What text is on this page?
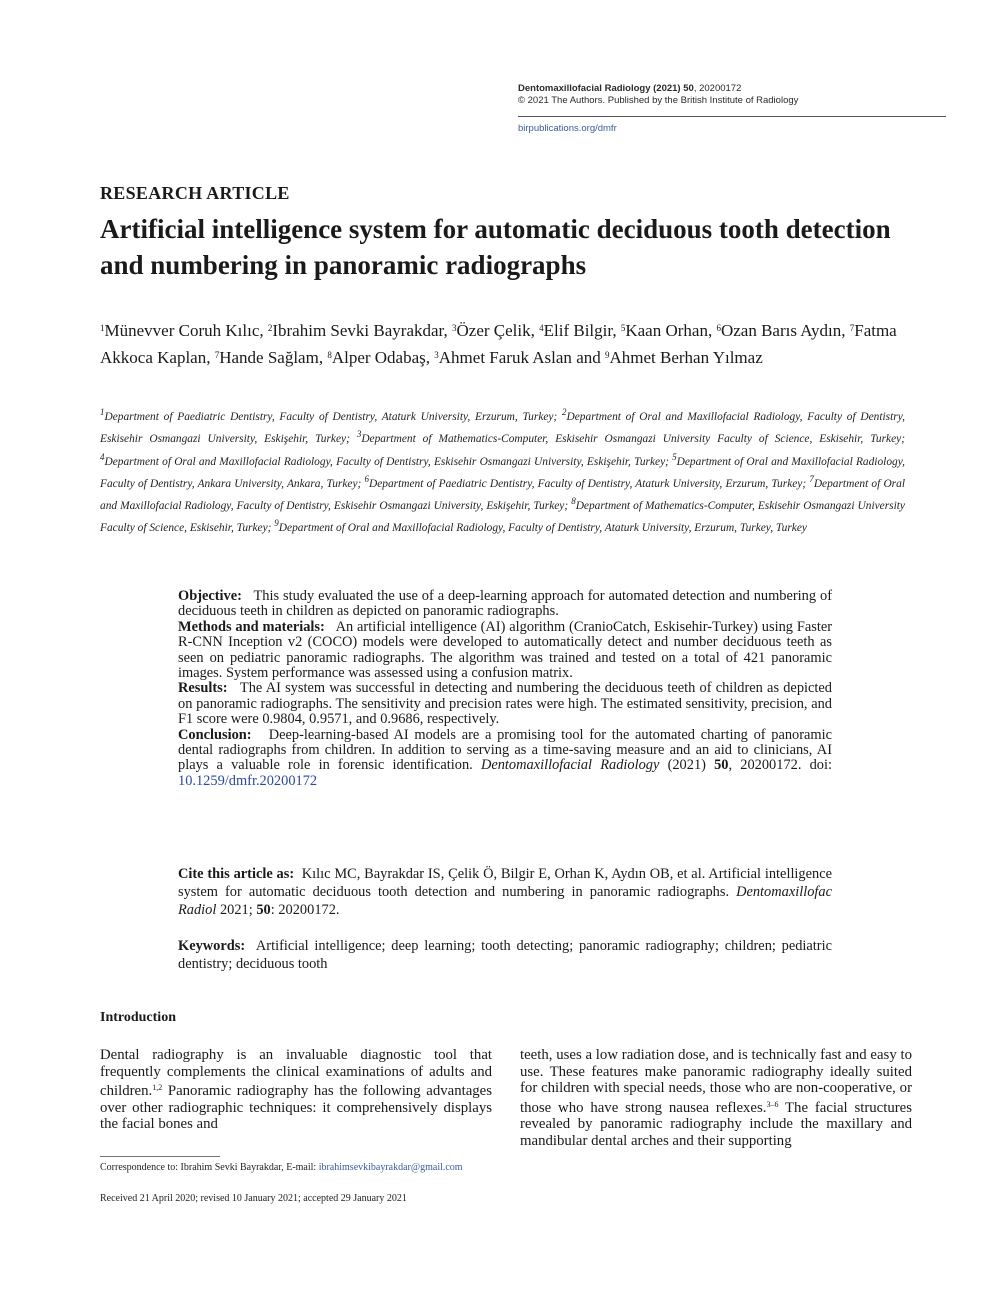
Dentomaxillofacial Radiology (2021) 50, 20200172
© 2021 The Authors. Published by the British Institute of Radiology
birpublications.org/dmfr
RESEARCH ARTICLE
Artificial intelligence system for automatic deciduous tooth detection and numbering in panoramic radiographs
$^1$Münevver Coruh Kılıc, $^2$Ibrahim Sevki Bayrakdar, $^3$Özer Çelik, $^4$Elif Bilgir, $^5$Kaan Orhan, $^6$Ozan Barıs Aydın, $^7$Fatma Akkoca Kaplan, $^7$Hande Sağlam, $^8$Alper Odabaş, $^3$Ahmet Faruk Aslan and $^9$Ahmet Berhan Yılmaz
$^1$Department of Paediatric Dentistry, Faculty of Dentistry, Ataturk University, Erzurum, Turkey; $^2$Department of Oral and Maxillofacial Radiology, Faculty of Dentistry, Eskisehir Osmangazi University, Eskişehir, Turkey; $^3$Department of Mathematics-Computer, Eskisehir Osmangazi University Faculty of Science, Eskisehir, Turkey; $^4$Department of Oral and Maxillofacial Radiology, Faculty of Dentistry, Eskisehir Osmangazi University, Eskişehir, Turkey; $^5$Department of Oral and Maxillofacial Radiology, Faculty of Dentistry, Ankara University, Ankara, Turkey; $^6$Department of Paediatric Dentistry, Faculty of Dentistry, Ataturk University, Erzurum, Turkey; $^7$Department of Oral and Maxillofacial Radiology, Faculty of Dentistry, Eskisehir Osmangazi University, Eskişehir, Turkey; $^8$Department of Mathematics-Computer, Eskisehir Osmangazi University Faculty of Science, Eskisehir, Turkey; $^9$Department of Oral and Maxillofacial Radiology, Faculty of Dentistry, Ataturk University, Erzurum, Turkey, Turkey

Objective: This study evaluated the use of a deep-learning approach for automated detection and numbering of deciduous teeth in children as depicted on panoramic radiographs.

Methods and materials: An artificial intelligence (AI) algorithm (CranioCatch, Eskisehir-Turkey) using Faster R-CNN Inception v2 (COCO) models were developed to automatically detect and number deciduous teeth as seen on pediatric panoramic radiographs. The algorithm was trained and tested on a total of 421 panoramic images. System performance was assessed using a confusion matrix.

Results: The AI system was successful in detecting and numbering the deciduous teeth of children as depicted on panoramic radiographs. The sensitivity and precision rates were high. The estimated sensitivity, precision, and F1 score were 0.9804, 0.9571, and 0.9686, respectively.

Conclusion: Deep-learning-based AI models are a promising tool for the automated charting of panoramic dental radiographs from children. In addition to serving as a time-saving measure and an aid to clinicians, AI plays a valuable role in forensic identification. Dentomaxillofacial Radiology (2021) 50, 20200172. doi: 10.1259/dmfr.20200172

Cite this article as: Kılıc MC, Bayrakdar IS, Çelik Ö, Bilgir E, Orhan K, Aydın OB, et al. Artificial intelligence system for automatic deciduous tooth detection and numbering in panoramic radiographs. Dentomaxillofac Radiol 2021; 50: 20200172.
Keywords: Artificial intelligence; deep learning; tooth detecting; panoramic radiography; children; pediatric dentistry; deciduous tooth
Introduction
Dental radiography is an invaluable diagnostic tool that frequently complements the clinical examinations of adults and children.$^{1,2}$ Panoramic radiography has the following advantages over other radiographic techniques: it comprehensively displays the facial bones and
teeth, uses a low radiation dose, and is technically fast and easy to use. These features make panoramic radiography ideally suited for children with special needs, those who are non-cooperative, or those who have strong nausea reflexes.$^{3-6}$ The facial structures revealed by panoramic radiography include the maxillary and mandibular dental arches and their supporting
Correspondence to: Ibrahim Sevki Bayrakdar, E-mail: ibrahimsevkibayrakdar@gmail.com
Received 21 April 2020; revised 10 January 2021; accepted 29 January 2021
